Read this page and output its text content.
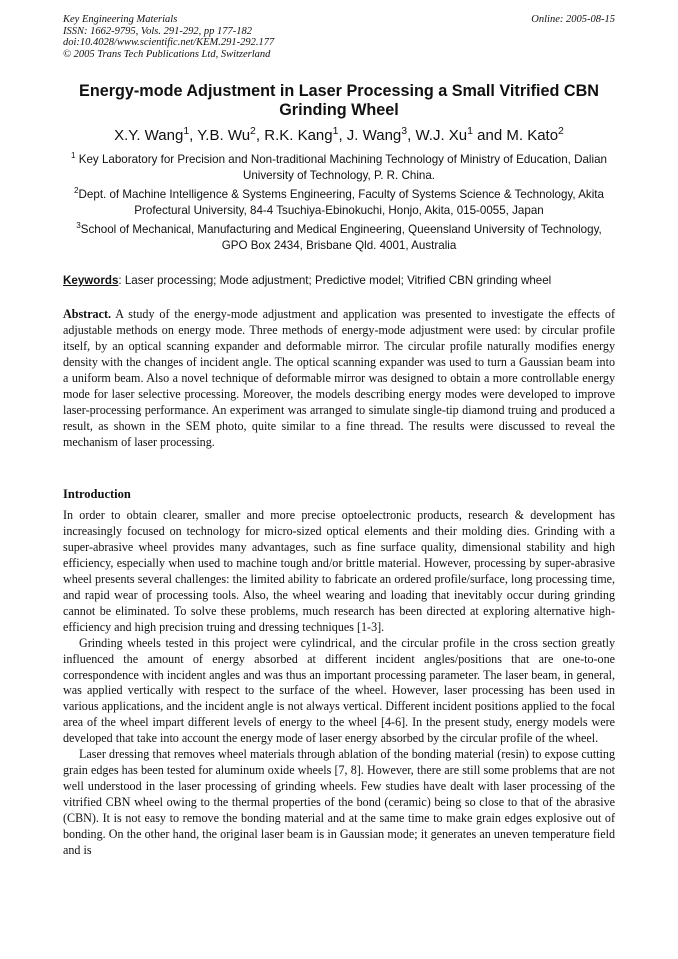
Key Engineering Materials
ISSN: 1662-9795, Vols. 291-292, pp 177-182
doi:10.4028/www.scientific.net/KEM.291-292.177
© 2005 Trans Tech Publications Ltd, Switzerland
Online: 2005-08-15
Energy-mode Adjustment in Laser Processing a Small Vitrified CBN Grinding Wheel
X.Y. Wang$^1$, Y.B. Wu$^2$, R.K. Kang$^1$, J. Wang$^3$, W.J. Xu$^1$ and M. Kato$^2$
$^1$ Key Laboratory for Precision and Non-traditional Machining Technology of Ministry of Education, Dalian University of Technology, P. R. China.
$^2$Dept. of Machine Intelligence & Systems Engineering, Faculty of Systems Science & Technology, Akita Profectural University, 84-4 Tsuchiya-Ebinokuchi, Honjo, Akita, 015-0055, Japan
$^3$School of Mechanical, Manufacturing and Medical Engineering, Queensland University of Technology, GPO Box 2434, Brisbane Qld. 4001, Australia
Keywords: Laser processing; Mode adjustment; Predictive model; Vitrified CBN grinding wheel
Abstract. A study of the energy-mode adjustment and application was presented to investigate the effects of adjustable methods on energy mode. Three methods of energy-mode adjustment were used: by circular profile itself, by an optical scanning expander and deformable mirror. The circular profile naturally modifies energy density with the changes of incident angle. The optical scanning expander was used to turn a Gaussian beam into a uniform beam. Also a novel technique of deformable mirror was designed to obtain a more controllable energy mode for laser selective processing. Moreover, the models describing energy modes were developed to improve laser-processing performance. An experiment was arranged to simulate single-tip diamond truing and produced a result, as shown in the SEM photo, quite similar to a fine thread. The results were discussed to reveal the mechanism of laser processing.
Introduction

In order to obtain clearer, smaller and more precise optoelectronic products, research & development has increasingly focused on technology for micro-sized optical elements and their molding dies. Grinding with a super-abrasive wheel provides many advantages, such as fine surface quality, dimensional stability and high efficiency, especially when used to machine tough and/or brittle material. However, processing by super-abrasive wheel presents several challenges: the limited ability to fabricate an ordered profile/surface, long processing time, and rapid wear of processing tools. Also, the wheel wearing and loading that inevitably occur during grinding cannot be eliminated. To solve these problems, much research has been directed at exploring alternative high-efficiency and high precision truing and dressing techniques [1-3].

Grinding wheels tested in this project were cylindrical, and the circular profile in the cross section greatly influenced the amount of energy absorbed at different incident angles/positions that are one-to-one correspondence with incident angles and was thus an important processing parameter. The laser beam, in general, was applied vertically with respect to the surface of the wheel. However, laser processing has been used in various applications, and the incident angle is not always vertical. Different incident positions applied to the focal area of the wheel impart different levels of energy to the wheel [4-6]. In the present study, energy models were developed that take into account the energy mode of laser energy absorbed by the circular profile of the wheel.

Laser dressing that removes wheel materials through ablation of the bonding material (resin) to expose cutting grain edges has been tested for aluminum oxide wheels [7, 8]. However, there are still some problems that are not well understood in the laser processing of grinding wheels. Few studies have dealt with laser processing of the vitrified CBN wheel owing to the thermal properties of the bond (ceramic) being so close to that of the abrasive (CBN). It is not easy to remove the bonding material and at the same time to make grain edges explosive out of bonding. On the other hand, the original laser beam is in Gaussian mode; it generates an uneven temperature field and is
